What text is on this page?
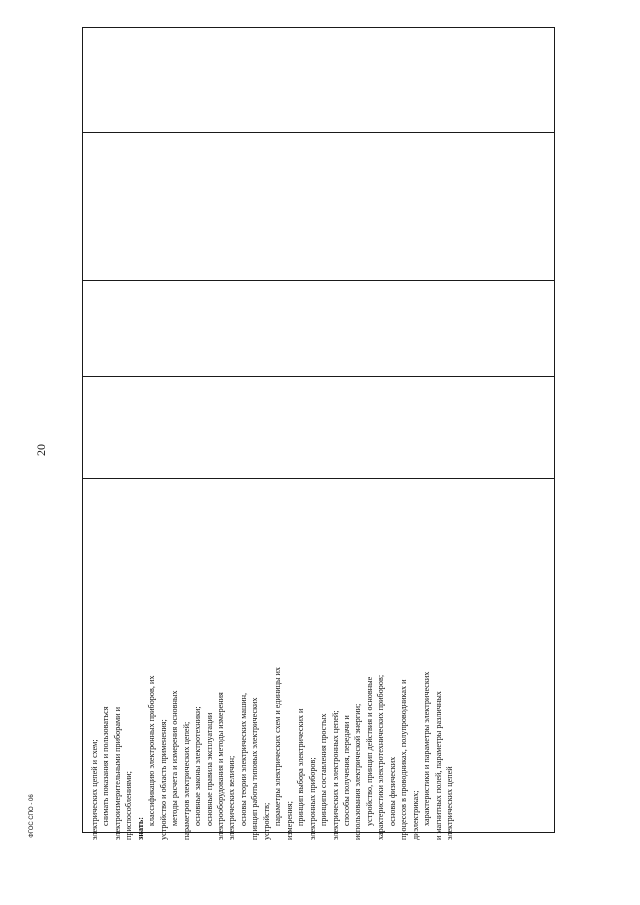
20
ФГОС СПО - 06	электрических цепей и схем; снимать показания и пользоваться электроизмерительными приборами и приспособлениями; знать:
классификацию электронных приборов, их устройство и область применения; методы расчета и измерения основных параметров электрических цепей; основные законы электротехники; основные правила эксплуатации электрооборудования и методы измерения электрических величин; основы теории электрических машин, принцип работы типовых электрических устройств; параметры электрических схем и единицы их измерения; принцип выбора электрических и электронных приборов; принципы составления простых электрических и электронных цепей; способы получения, передачи и использования электрической энергии; устройство, принцип действия и основные характеристики электротехнических приборов; основы физических процессов в проводниках, полупроводниках и диэлектриках; характеристики и параметры электрических и магнитных полей, параметры различных электрических цепей
